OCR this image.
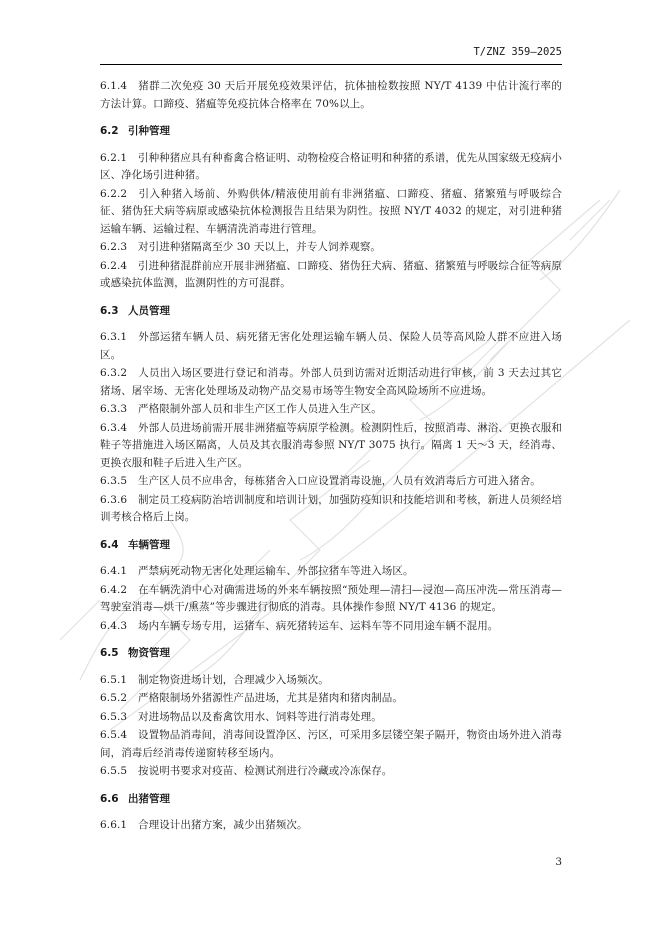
T/ZNZ 359—2025
6.1.4 猪群二次免疫 30 天后开展免疫效果评估，抗体抽检数按照 NY/T 4139 中估计流行率的方法计算。口蹄疫、猪瘟等免疫抗体合格率在 70%以上。
6.2 引种管理
6.2.1 引种种猪应具有种畜禽合格证明、动物检疫合格证明和种猪的系谱，优先从国家级无疫病小区、净化场引进种猪。
6.2.2 引入种猪入场前、外购供体/精液使用前有非洲猪瘟、口蹄疫、猪瘟、猪繁殖与呼吸综合征、猪伪狂犬病等病原或感染抗体检测报告且结果为阴性。按照 NY/T 4032 的规定，对引进种猪运输车辆、运输过程、车辆清洗消毒进行管理。
6.2.3 对引进种猪隔离至少 30 天以上，并专人饲养观察。
6.2.4 引进种猪混群前应开展非洲猪瘟、口蹄疫、猪伪狂犬病、猪瘟、猪繁殖与呼吸综合征等病原或感染抗体监测，监测阴性的方可混群。
6.3 人员管理
6.3.1 外部运猪车辆人员、病死猪无害化处理运输车辆人员、保险人员等高风险人群不应进入场区。
6.3.2 人员出入场区要进行登记和消毒。外部人员到访需对近期活动进行审核，前 3 天去过其它猪场、屠宰场、无害化处理场及动物产品交易市场等生物安全高风险场所不应进场。
6.3.3 严格限制外部人员和非生产区工作人员进入生产区。
6.3.4 外部人员进场前需开展非洲猪瘟等病原学检测。检测阴性后，按照消毒、淋浴、更换衣服和鞋子等措施进入场区隔离，人员及其衣服消毒参照 NY/T 3075 执行。隔离 1 天～3 天，经消毒、更换衣服和鞋子后进入生产区。
6.3.5 生产区人员不应串舍，每栋猪舍入口应设置消毒设施，人员有效消毒后方可进入猪舍。
6.3.6 制定员工疫病防治培训制度和培训计划，加强防疫知识和技能培训和考核，新进人员须经培训考核合格后上岗。
6.4 车辆管理
6.4.1 严禁病死动物无害化处理运输车、外部拉猪车等进入场区。
6.4.2 在车辆洗消中心对确需进场的外来车辆按照“预处理—清扫—浸泡—高压冲洗—常压消毒—驾驶室消毒—烘干/熏蒸”等步骤进行彻底的消毒。具体操作参照 NY/T 4136 的规定。
6.4.3 场内车辆专场专用，运猪车、病死猪转运车、运料车等不同用途车辆不混用。
6.5 物资管理
6.5.1 制定物资进场计划，合理减少入场频次。
6.5.2 严格限制场外猪源性产品进场，尤其是猪肉和猪肉制品。
6.5.3 对进场物品以及畜禽饮用水、饲料等进行消毒处理。
6.5.4 设置物品消毒间，消毒间设置净区、污区，可采用多层镂空架子隔开，物资由场外进入消毒间，消毒后经消毒传递窗转移至场内。
6.5.5 按说明书要求对疫苗、检测试剂进行冷藏或冷冻保存。
6.6 出猪管理
6.6.1 合理设计出猪方案，减少出猪频次。
3
